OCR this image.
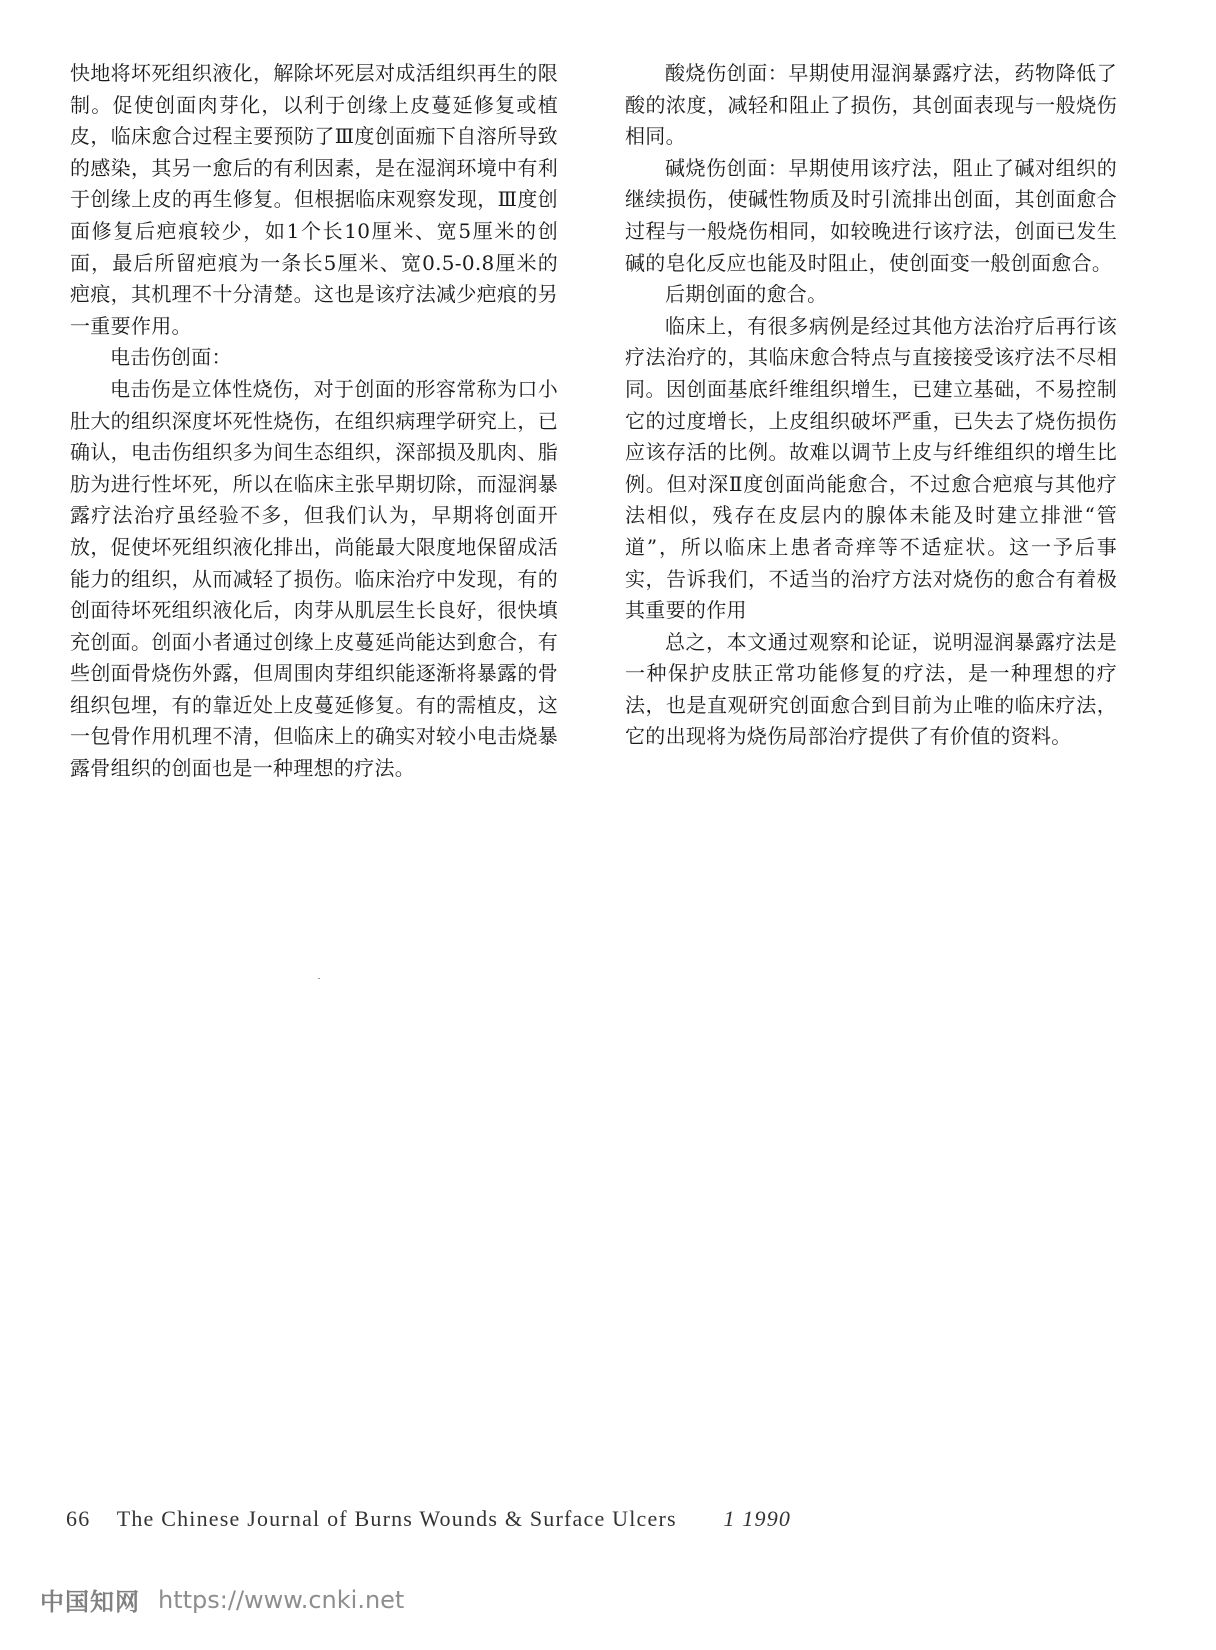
快地将坏死组织液化，解除坏死层对成活组织再生的限制。促使创面肉芽化，以利于创缘上皮蔓延修复或植皮，临床愈合过程主要预防了Ⅲ度创面痂下自溶所导致的感染，其另一愈后的有利因素，是在湿润环境中有利于创缘上皮的再生修复。但根据临床观察发现，Ⅲ度创面修复后疤痕较少，如1个长10厘米、宽5厘米的创面，最后所留疤痕为一条长5厘米、宽0.5-0.8厘米的疤痕，其机理不十分清楚。这也是该疗法减少疤痕的另一重要作用。

电击伤创面：

电击伤是立体性烧伤，对于创面的形容常称为口小肚大的组织深度坏死性烧伤，在组织病理学研究上，已确认，电击伤组织多为间生态组织，深部损及肌肉、脂肪为进行性坏死，所以在临床主张早期切除，而湿润暴露疗法治疗虽经验不多，但我们认为，早期将创面开放，促使坏死组织液化排出，尚能最大限度地保留成活能力的组织，从而减轻了损伤。临床治疗中发现，有的创面待坏死组织液化后，肉芽从肌层生长良好，很快填充创面。创面小者通过创缘上皮蔓延尚能达到愈合，有些创面骨烧伤外露，但周围肉芽组织能逐渐将暴露的骨组织包埋，有的靠近处上皮蔓延修复。有的需植皮，这一包骨作用机理不清，但临床上的确实对较小电击烧暴露骨组织的创面也是一种理想的疗法。

酸烧伤创面：早期使用湿润暴露疗法，药物降低了酸的浓度，减轻和阻止了损伤，其创面表现与一般烧伤相同。

碱烧伤创面：早期使用该疗法，阻止了碱对组织的继续损伤，使碱性物质及时引流排出创面，其创面愈合过程与一般烧伤相同，如较晚进行该疗法，创面已发生碱的皂化反应也能及时阻止，使创面变一般创面愈合。

后期创面的愈合。

临床上，有很多病例是经过其他方法治疗后再行该疗法治疗的，其临床愈合特点与直接接受该疗法不尽相同。因创面基底纤维组织增生，已建立基础，不易控制它的过度增长，上皮组织破坏严重，已失去了烧伤损伤应该存活的比例。故难以调节上皮与纤维组织的增生比例。但对深Ⅱ度创面尚能愈合，不过愈合疤痕与其他疗法相似，残存在皮层内的腺体未能及时建立排泄“管道”，所以临床上患者奇痒等不适症状。这一予后事实，告诉我们，不适当的治疗方法对烧伤的愈合有着极其重要的作用

总之，本文通过观察和论证，说明湿润暴露疗法是一种保护皮肤正常功能修复的疗法，是一种理想的疗法，也是直观研究创面愈合到目前为止唯的临床疗法，它的出现将为烧伤局部治疗提供了有价值的资料。

66 The Chinese Journal of Burns Wounds & Surface Ulcers 1 1990
中国知网 https://www.cnki.net
